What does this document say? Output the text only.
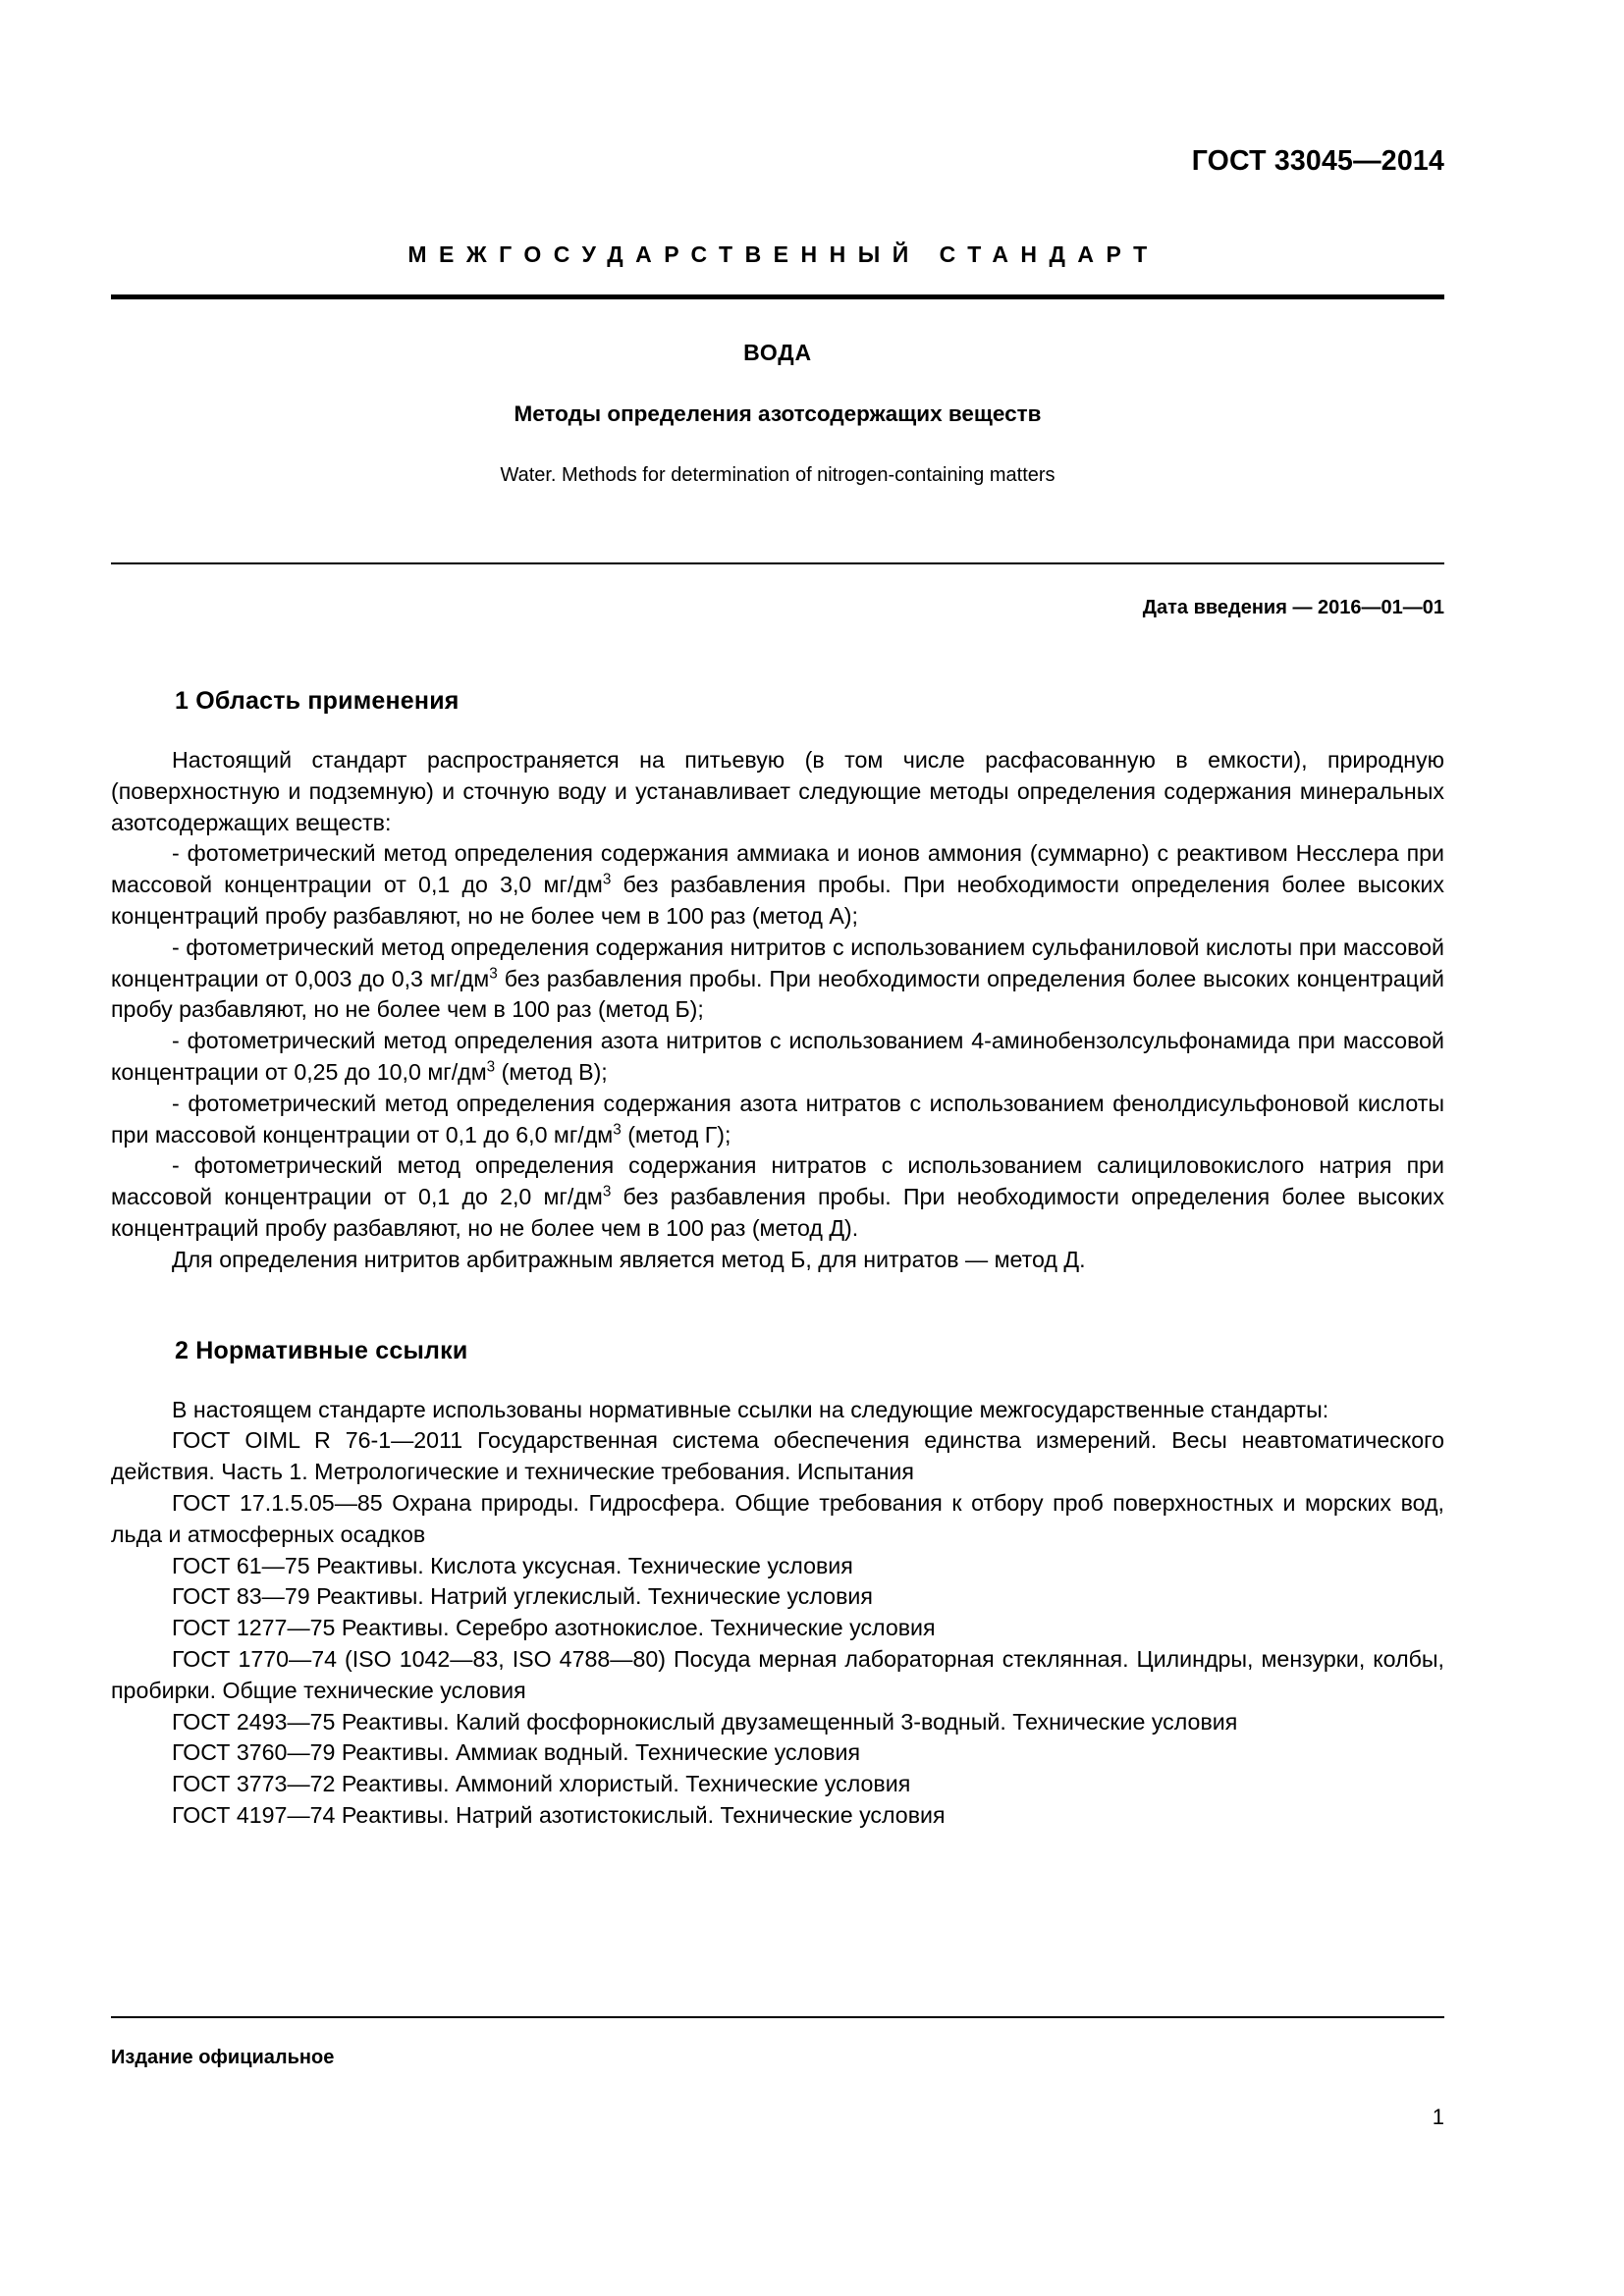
ГОСТ 33045—2014
МЕЖГОСУДАРСТВЕННЫЙ СТАНДАРТ
ВОДА
Методы определения азотсодержащих веществ
Water. Methods for determination of nitrogen-containing matters
Дата введения — 2016—01—01
1 Область применения

Настоящий стандарт распространяется на питьевую (в том числе расфасованную в емкости), природную (поверхностную и подземную) и сточную воду и устанавливает следующие методы определения содержания минеральных азотсодержащих веществ:

- фотометрический метод определения содержания аммиака и ионов аммония (суммарно) с реактивом Несслера при массовой концентрации от 0,1 до 3,0 $мг/дм^3$ без разбавления пробы. При необходимости определения более высоких концентраций пробу разбавляют, но не более чем в 100 раз (метод А);

- фотометрический метод определения содержания нитритов с использованием сульфаниловой кислоты при массовой концентрации от 0,003 до 0,3 $мг/дм^3$ без разбавления пробы. При необходимости определения более высоких концентраций пробу разбавляют, но не более чем в 100 раз (метод Б);

- фотометрический метод определения азота нитритов с использованием 4-аминобензолсульфонамида при массовой концентрации от 0,25 до 10,0 $мг/дм^3$ (метод В);

- фотометрический метод определения содержания азота нитратов с использованием фенолдисульфоновой кислоты при массовой концентрации от 0,1 до 6,0 $мг/дм^3$ (метод Г);

- фотометрический метод определения содержания нитратов с использованием салициловокислого натрия при массовой концентрации от 0,1 до 2,0 $мг/дм^3$ без разбавления пробы. При необходимости определения более высоких концентраций пробу разбавляют, но не более чем в 100 раз (метод Д).

Для определения нитритов арбитражным является метод Б, для нитратов — метод Д.

2 Нормативные ссылки

В настоящем стандарте использованы нормативные ссылки на следующие межгосударственные стандарты:

ГОСТ OIML R 76-1—2011 Государственная система обеспечения единства измерений. Весы неавтоматического действия. Часть 1. Метрологические и технические требования. Испытания

ГОСТ 17.1.5.05—85 Охрана природы. Гидросфера. Общие требования к отбору проб поверхностных и морских вод, льда и атмосферных осадков

ГОСТ 61—75 Реактивы. Кислота уксусная. Технические условия

ГОСТ 83—79 Реактивы. Натрий углекислый. Технические условия

ГОСТ 1277—75 Реактивы. Серебро азотнокислое. Технические условия

ГОСТ 1770—74 (ISO 1042—83, ISO 4788—80) Посуда мерная лабораторная стеклянная. Цилиндры, мензурки, колбы, пробирки. Общие технические условия

ГОСТ 2493—75 Реактивы. Калий фосфорнокислый двузамещенный 3-водный. Технические условия

ГОСТ 3760—79 Реактивы. Аммиак водный. Технические условия

ГОСТ 3773—72 Реактивы. Аммоний хлористый. Технические условия

ГОСТ 4197—74 Реактивы. Натрий азотистокислый. Технические условия

Издание официальное
1
